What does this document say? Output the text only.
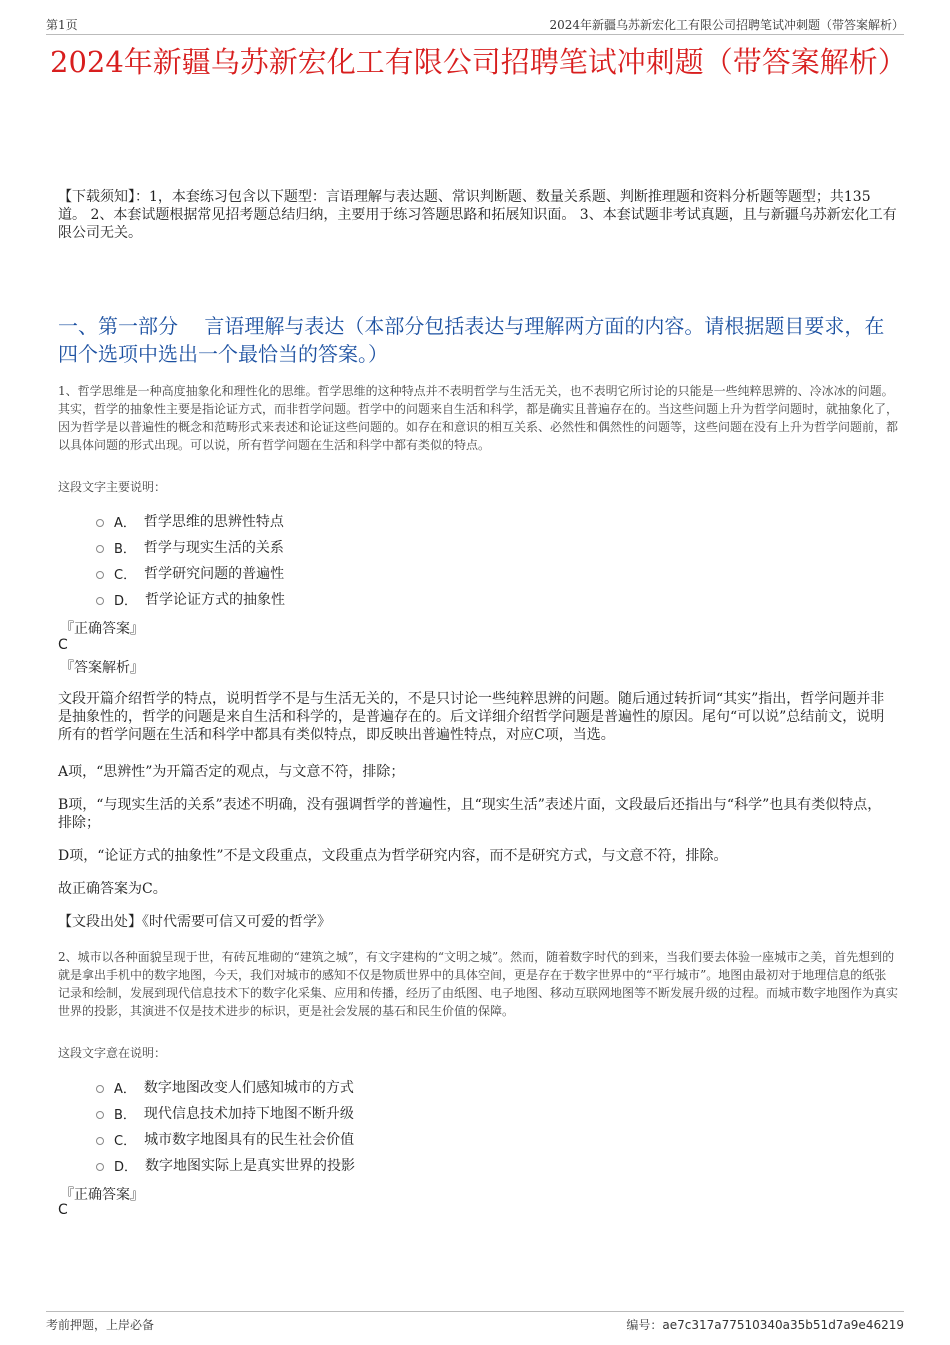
第1页	2024年新疆乌苏新宏化工有限公司招聘笔试冲刺题（带答案解析）
2024年新疆乌苏新宏化工有限公司招聘笔试冲刺题（带答案解析）
【下载须知】：1，本套练习包含以下题型：言语理解与表达题、常识判断题、数量关系题、判断推理题和资料分析题等题型；共135道。 2、本套试题根据常见招考题总结归纳，主要用于练习答题思路和拓展知识面。 3、本套试题非考试真题，且与新疆乌苏新宏化工有限公司无关。
一、第一部分　 言语理解与表达（本部分包括表达与理解两方面的内容。请根据题目要求，在四个选项中选出一个最恰当的答案。）
1、哲学思维是一种高度抽象化和理性化的思维。哲学思维的这种特点并不表明哲学与生活无关，也不表明它所讨论的只能是一些纯粹思辨的、冷冰冰的问题。其实，哲学的抽象性主要是指论证方式，而非哲学问题。哲学中的问题来自生活和科学，都是确实且普遍存在的。当这些问题上升为哲学问题时，就抽象化了，因为哲学是以普遍性的概念和范畴形式来表述和论证这些问题的。如存在和意识的相互关系、必然性和偶然性的问题等，这些问题在没有上升为哲学问题前，都以具体问题的形式出现。可以说，所有哲学问题在生活和科学中都有类似的特点。
这段文字主要说明：
A． 哲学思维的思辨性特点
B． 哲学与现实生活的关系
C． 哲学研究问题的普遍性
D． 哲学论证方式的抽象性
『正确答案』
C
『答案解析』
文段开篇介绍哲学的特点，说明哲学不是与生活无关的，不是只讨论一些纯粹思辨的问题。随后通过转折词“其实”指出，哲学问题并非是抽象性的，哲学的问题是来自生活和科学的，是普遍存在的。后文详细介绍哲学问题是普遍性的原因。尾句“可以说”总结前文，说明所有的哲学问题在生活和科学中都具有类似特点，即反映出普遍性特点，对应C项，当选。
A项，“思辨性”为开篇否定的观点，与文意不符，排除；
B项，“与现实生活的关系”表述不明确，没有强调哲学的普遍性，且“现实生活”表述片面，文段最后还指出与“科学”也具有类似特点，排除；
D项，“论证方式的抽象性”不是文段重点，文段重点为哲学研究内容，而不是研究方式，与文意不符，排除。
故正确答案为C。
【文段出处】《时代需要可信又可爱的哲学》
2、城市以各种面貌呈现于世，有砖瓦堆砌的“建筑之城”，有文字建构的“文明之城”。然而，随着数字时代的到来，当我们要去体验一座城市之美，首先想到的就是拿出手机中的数字地图，今天，我们对城市的感知不仅是物质世界中的具体空间，更是存在于数字世界中的“平行城市”。地图由最初对于地理信息的纸张记录和绘制，发展到现代信息技术下的数字化采集、应用和传播，经历了由纸图、电子地图、移动互联网地图等不断发展升级的过程。而城市数字地图作为真实世界的投影，其演进不仅是技术进步的标识，更是社会发展的基石和民生价值的保障。
这段文字意在说明：
A． 数字地图改变人们感知城市的方式
B． 现代信息技术加持下地图不断升级
C． 城市数字地图具有的民生社会价值
D． 数字地图实际上是真实世界的投影
『正确答案』
C
考前押题，上岸必备	编号：ae7c317a77510340a35b51d7a9e46219
